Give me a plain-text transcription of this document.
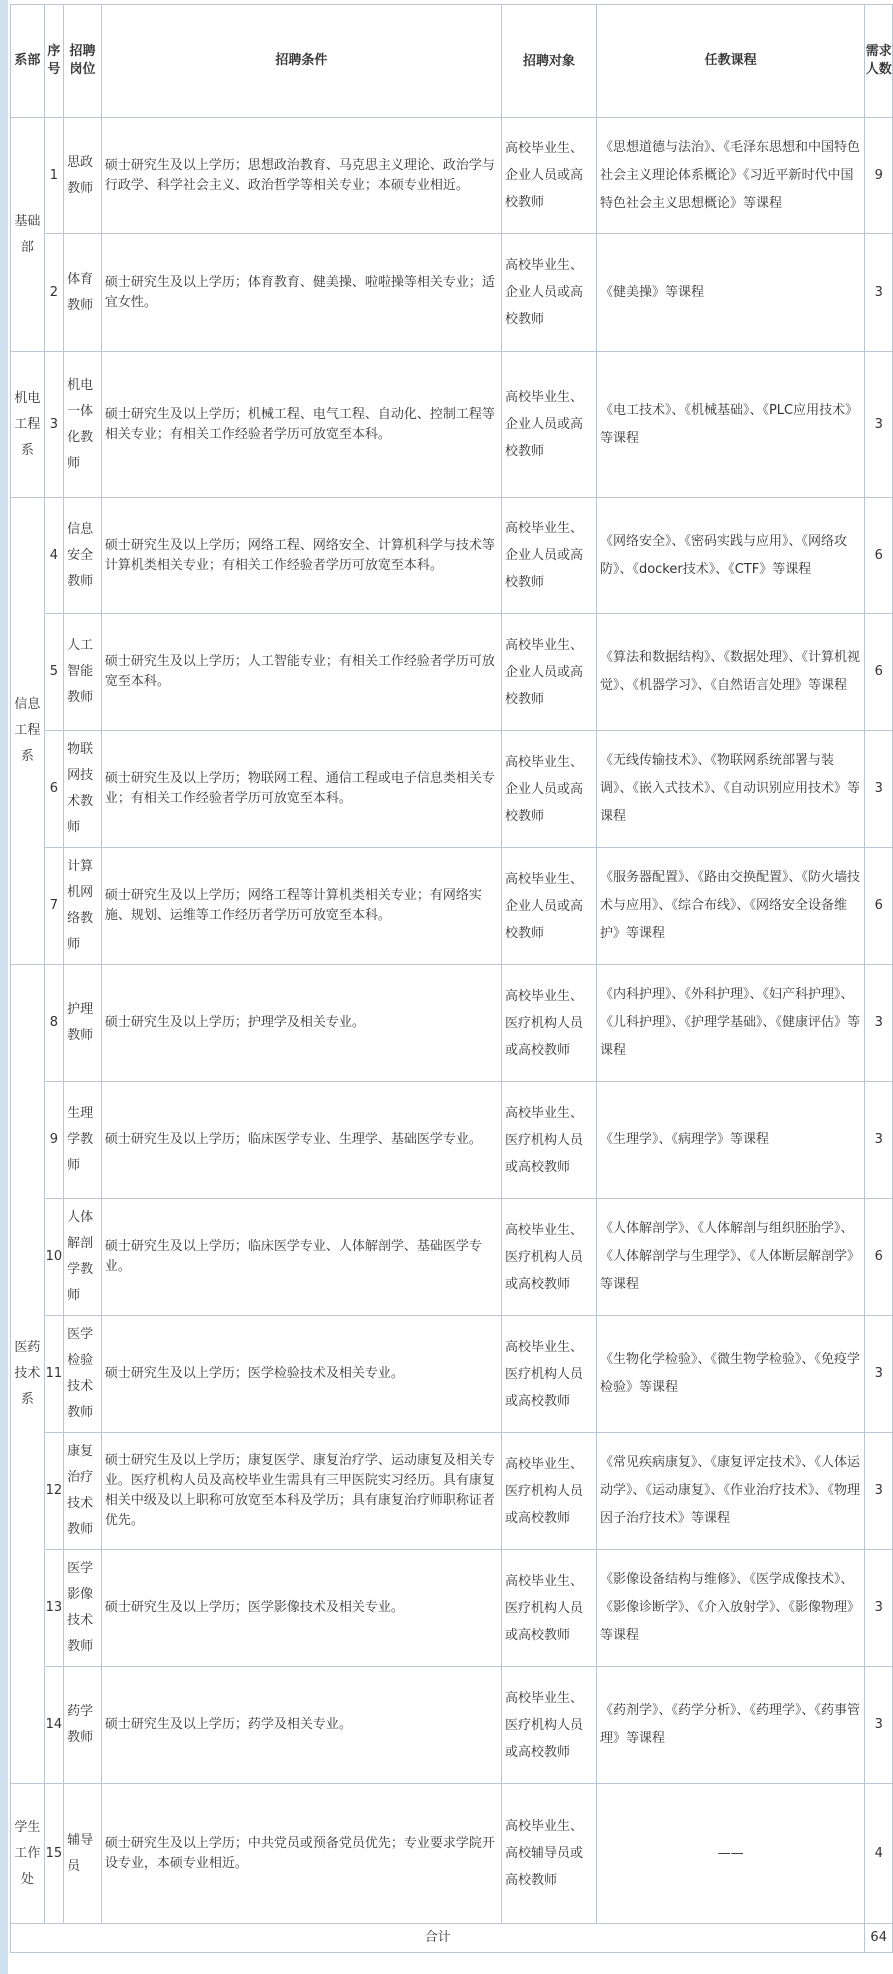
系部	序号	招聘岗位	招聘条件	招聘对象	任教课程	需求人数
基础部	1	思政教师	硕士研究生及以上学历；思想政治教育、马克思主义理论、政治学与行政学、科学社会主义、政治哲学等相关专业；本硕专业相近。	高校毕业生、企业人员或高校教师	《思想道德与法治》、《毛泽东思想和中国特色社会主义理论体系概论》《习近平新时代中国特色社会主义思想概论》等课程	9
	2	体育教师	硕士研究生及以上学历；体育教育、健美操、啦啦操等相关专业；适宜女性。	高校毕业生、企业人员或高校教师	《健美操》等课程	3
机电工程系	3	机电一体化教师	硕士研究生及以上学历；机械工程、电气工程、自动化、控制工程等相关专业；有相关工作经验者学历可放宽至本科。	高校毕业生、企业人员或高校教师	《电工技术》、《机械基础》、《PLC应用技术》等课程	3
信息工程系	4	信息安全教师	硕士研究生及以上学历；网络工程、网络安全、计算机科学与技术等计算机类相关专业；有相关工作经验者学历可放宽至本科。	高校毕业生、企业人员或高校教师	《网络安全》、《密码实践与应用》、《网络攻防》、《docker技术》、《CTF》等课程	6
	5	人工智能教师	硕士研究生及以上学历；人工智能专业；有相关工作经验者学历可放宽至本科。	高校毕业生、企业人员或高校教师	《算法和数据结构》、《数据处理》、《计算机视觉》、《机器学习》、《自然语言处理》等课程	6
	6	物联网技术教师	硕士研究生及以上学历；物联网工程、通信工程或电子信息类相关专业；有相关工作经验者学历可放宽至本科。	高校毕业生、企业人员或高校教师	《无线传输技术》、《物联网系统部署与装调》、《嵌入式技术》、《自动识别应用技术》等课程	3
	7	计算机网络教师	硕士研究生及以上学历；网络工程等计算机类相关专业；有网络实施、规划、运维等工作经历者学历可放宽至本科。	高校毕业生、企业人员或高校教师	《服务器配置》、《路由交换配置》、《防火墙技术与应用》、《综合布线》、《网络安全设备维护》等课程	6
医药技术系	8	护理教师	硕士研究生及以上学历；护理学及相关专业。	高校毕业生、医疗机构人员或高校教师	《内科护理》、《外科护理》、《妇产科护理》、《儿科护理》、《护理学基础》、《健康评估》等课程	3
	9	生理学教师	硕士研究生及以上学历；临床医学专业、生理学、基础医学专业。	高校毕业生、医疗机构人员或高校教师	《生理学》、《病理学》等课程	3
	10	人体解剖学教师	硕士研究生及以上学历；临床医学专业、人体解剖学、基础医学专业。	高校毕业生、医疗机构人员或高校教师	《人体解剖学》、《人体解剖与组织胚胎学》、《人体解剖学与生理学》、《人体断层解剖学》等课程	6
	11	医学检验技术教师	硕士研究生及以上学历；医学检验技术及相关专业。	高校毕业生、医疗机构人员或高校教师	《生物化学检验》、《微生物学检验》、《免疫学检验》等课程	3
	12	康复治疗技术教师	硕士研究生及以上学历；康复医学、康复治疗学、运动康复及相关专业。医疗机构人员及高校毕业生需具有三甲医院实习经历。具有康复相关中级及以上职称可放宽至本科及学历；具有康复治疗师职称证者优先。	高校毕业生、医疗机构人员或高校教师	《常见疾病康复》、《康复评定技术》、《人体运动学》、《运动康复》、《作业治疗技术》、《物理因子治疗技术》等课程	3
	13	医学影像技术教师	硕士研究生及以上学历；医学影像技术及相关专业。	高校毕业生、医疗机构人员或高校教师	《影像设备结构与维修》、《医学成像技术》、《影像诊断学》、《介入放射学》、《影像物理》等课程	3
	14	药学教师	硕士研究生及以上学历；药学及相关专业。	高校毕业生、医疗机构人员或高校教师	《药剂学》、《药学分析》、《药理学》、《药事管理》等课程	3
学生工作处	15	辅导员	硕士研究生及以上学历；中共党员或预备党员优先；专业要求学院开设专业，本硕专业相近。	高校毕业生、高校辅导员或高校教师	——	4
合计						64
